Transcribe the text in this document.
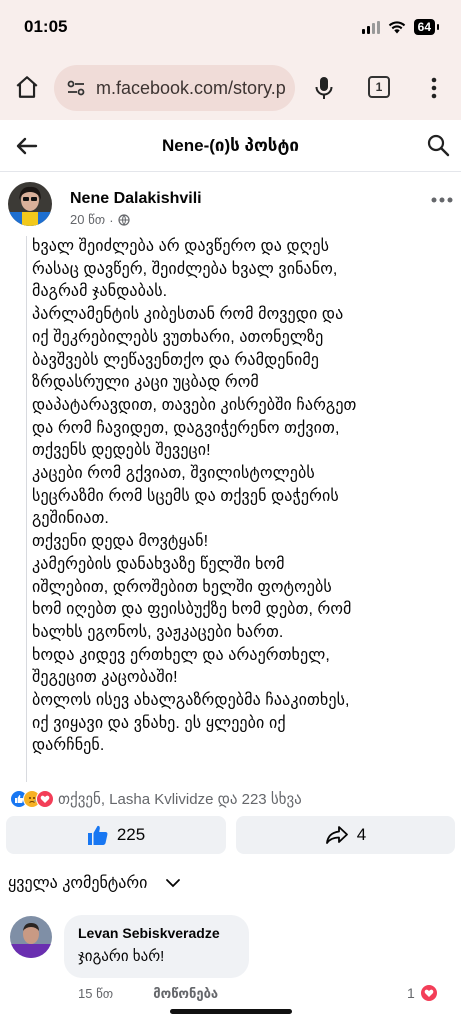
01:05	64
m.facebook.com/story.p	1
Nene-(ი)ს პოსტი
Nene Dalakishvili
20 წთ ·
ხვალ შეიძლება არ დავწერო და დღეს
რასაც დავწერ, შეიძლება ხვალ ვინანო,
მაგრამ ჯანდაბას.
პარლამენტის კიბესთან რომ მოვედი და
იქ შეკრებილებს ვუთხარი, ათონელზე
ბავშვებს ლეწავენთქო და რამდენიმე
ზრდასრული კაცი უცბად რომ
დაპატარავდით, თავები კისრებში ჩარგეთ
და რომ ჩავიდეთ, დაგვიჭერენო თქვით,
თქვენს დედებს შევეცი!
კაცები რომ გქვიათ, შვილისტოლებს
სეცრაზმი რომ სცემს და თქვენ დაჭერის
გეშინიათ.
თქვენი დედა მოვტყან!
კამერების დანახვაზე წელში ხომ
იშლებით, დროშებით ხელში ფოტოებს
ხომ იღებთ და ფეისბუქზე ხომ დებთ, რომ
ხალხს ეგონოს, ვაჟკაცები ხართ.
ხოდა კიდევ ერთხელ და არაერთხელ,
შეგეცით კაცობაში!
ბოლოს ისევ ახალგაზრდებმა ჩააკითხეს,
იქ ვიყავი და ვნახე. ეს ყლეები იქ
დარჩნენ.
თქვენ, Lasha Kvlividze და 223 სხვა
225	4
ყველა კომენტარი
Levan Sebiskveradze
ჯიგარი ხარ!
15 წთ	მოწონება	1
